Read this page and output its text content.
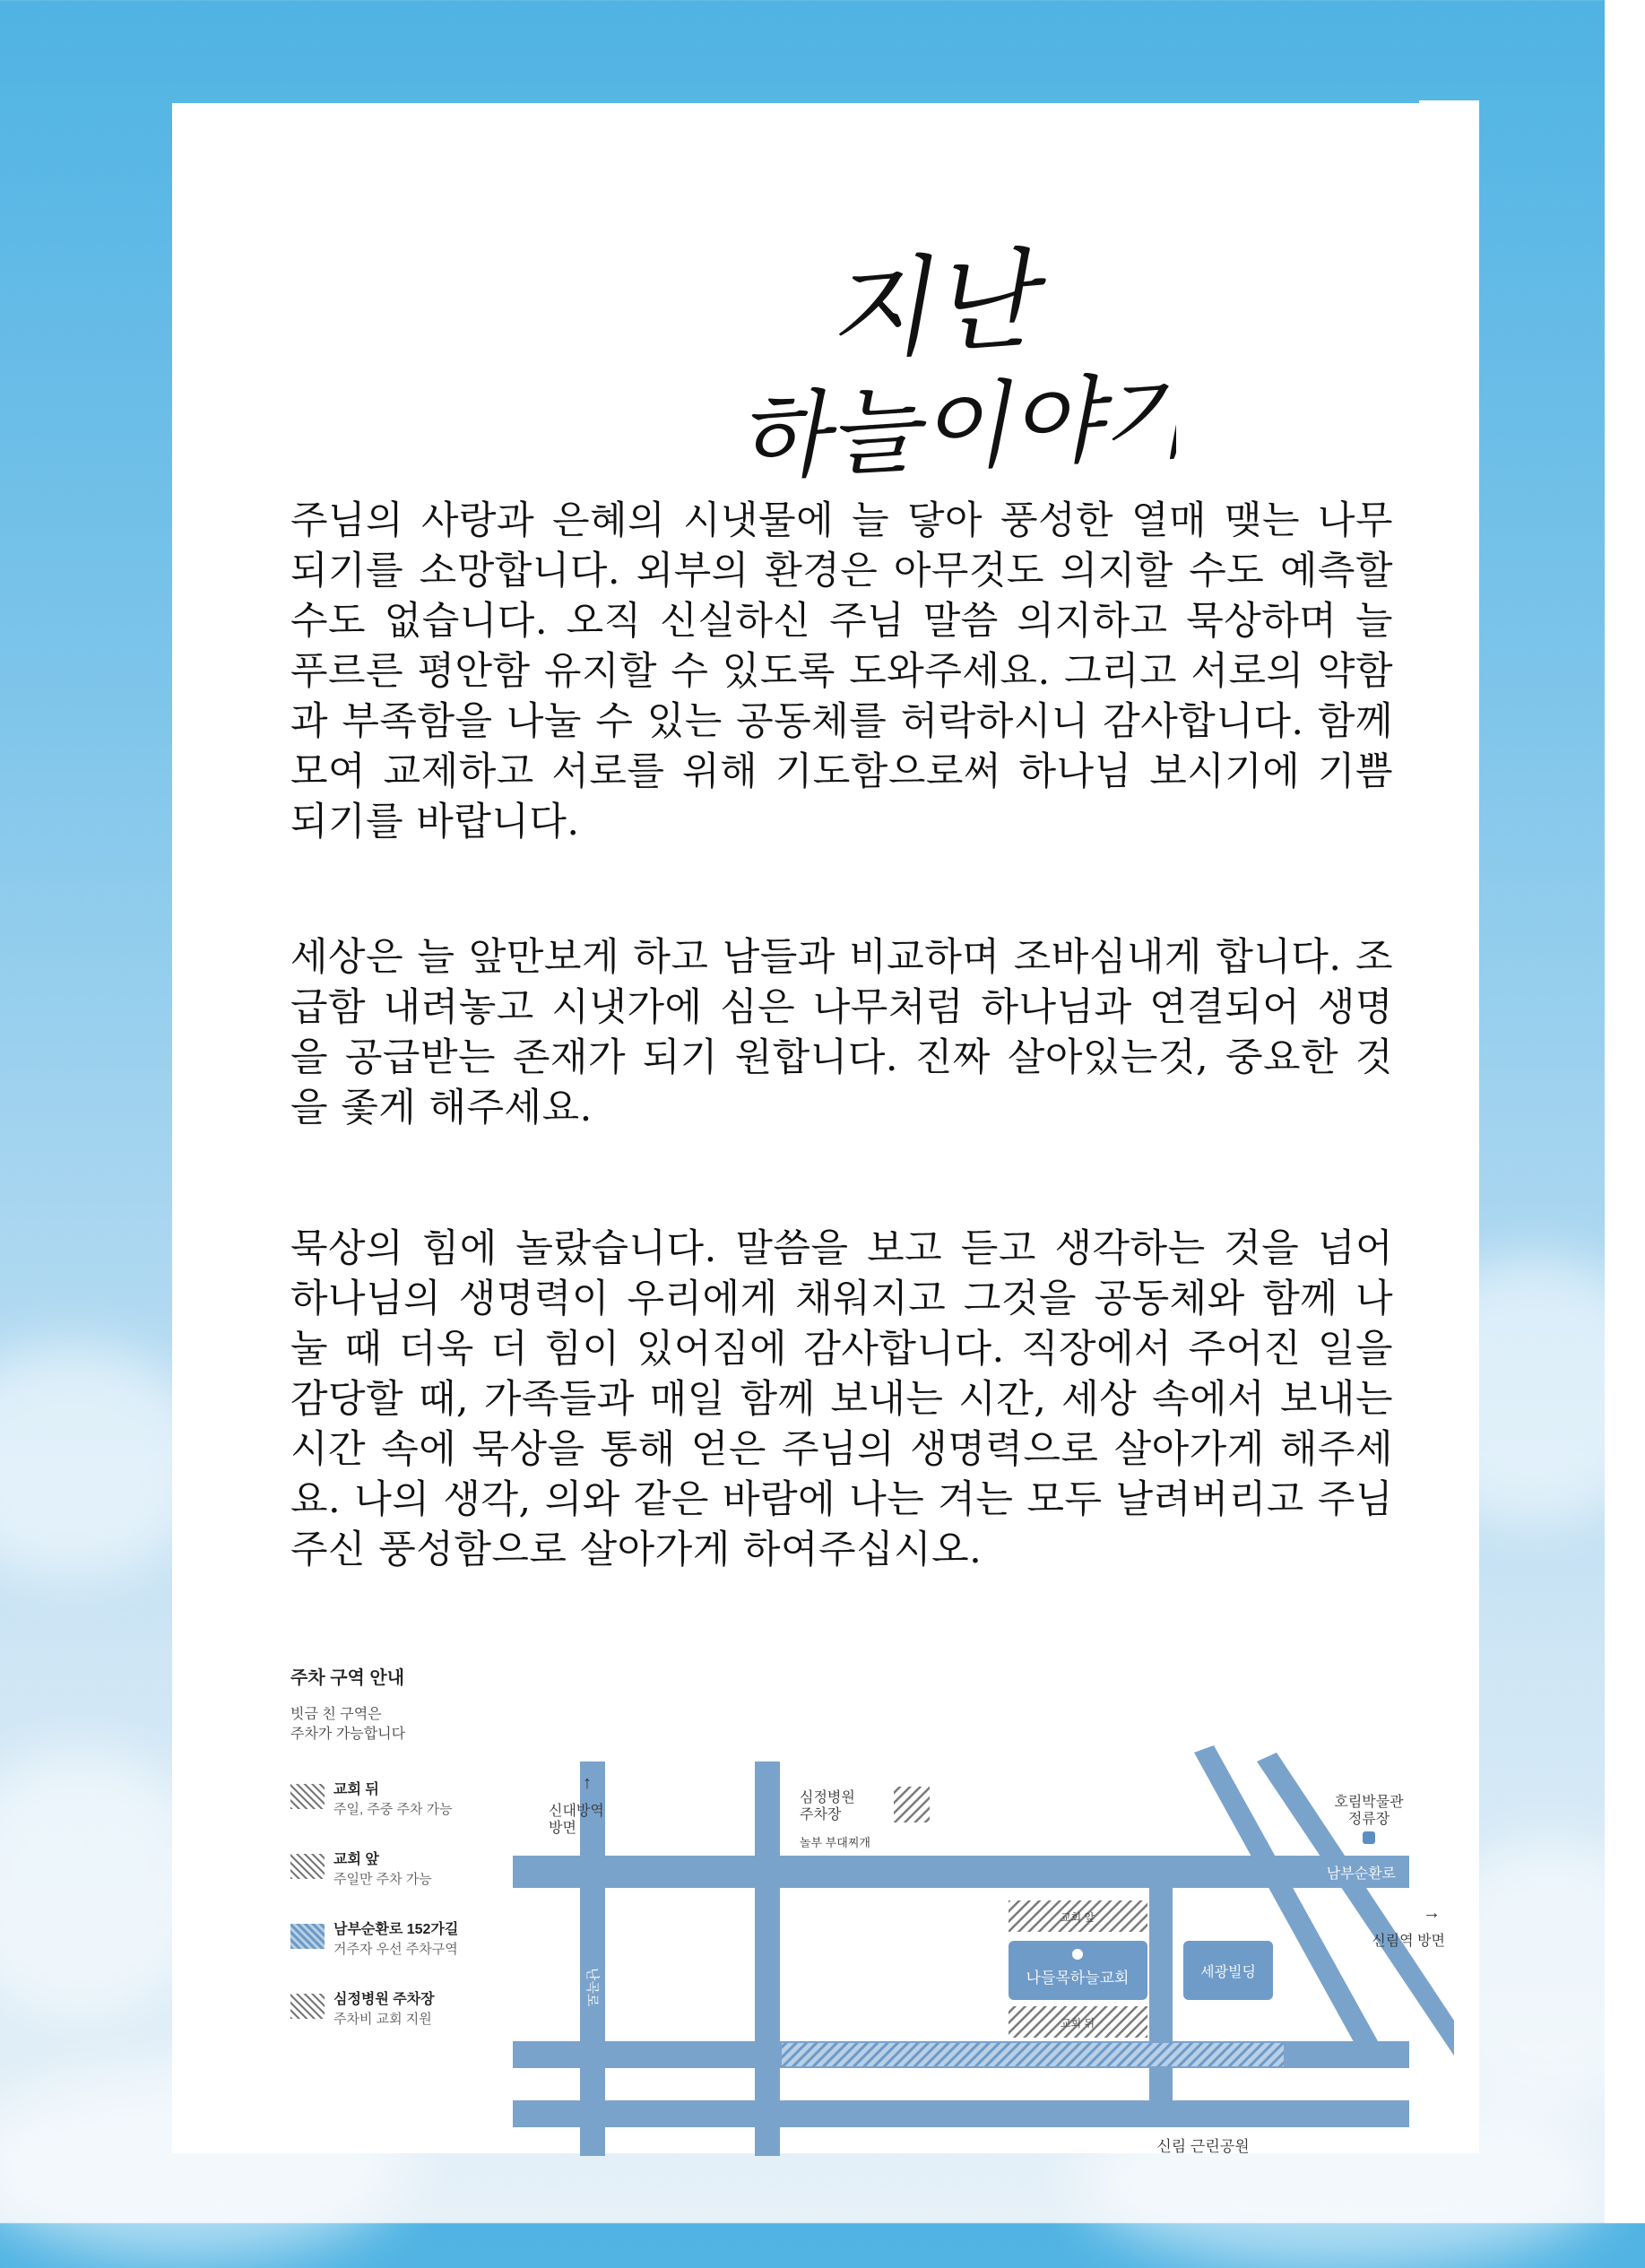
지난
하늘이야기

주님의 사랑과 은혜의 시냇물에 늘 닿아 풍성한 열매 맺는 나무 되기를 소망합니다. 외부의 환경은 아무것도 의지할 수도 예측할 수도 없습니다. 오직 신실하신 주님 말씀 의지하고 묵상하며 늘 푸르른 평안함 유지할 수 있도록 도와주세요. 그리고 서로의 약함과 부족함을 나눌 수 있는 공동체를 허락하시니 감사합니다. 함께 모여 교제하고 서로를 위해 기도함으로써 하나님 보시기에 기쁨 되기를 바랍니다.

세상은 늘 앞만보게 하고 남들과 비교하며 조바심내게 합니다. 조급함 내려놓고 시냇가에 심은 나무처럼 하나님과 연결되어 생명을 공급받는 존재가 되기 원합니다. 진짜 살아있는것, 중요한 것을 좇게 해주세요.

묵상의 힘에 놀랐습니다. 말씀을 보고 듣고 생각하는 것을 넘어 하나님의 생명력이 우리에게 채워지고 그것을 공동체와 함께 나눌 때 더욱 더 힘이 있어짐에 감사합니다. 직장에서 주어진 일을 감당할 때, 가족들과 매일 함께 보내는 시간, 세상 속에서 보내는 시간 속에 묵상을 통해 얻은 주님의 생명력으로 살아가게 해주세요. 나의 생각, 의와 같은 바람에 나는 겨는 모두 날려버리고 주님 주신 풍성함으로 살아가게 하여주십시오.

주차 구역 안내

빗금 친 구역은
주차가 가능합니다

교회 뒤
주일, 주중 주차 가능
교회 앞
주일만 주차 가능
남부순환로 152가길
거주자 우선 주차구역
심정병원 주차장
주차비 교회 지원
↑
신대방역 방면
심정병원 주차장
놀부 부대찌개
호림박물관 정류장
남부순환로
→
신림역 방면
난곡로
교회 앞
나들목하늘교회
교회 뒤
세광빌딩
신림 근린공원
